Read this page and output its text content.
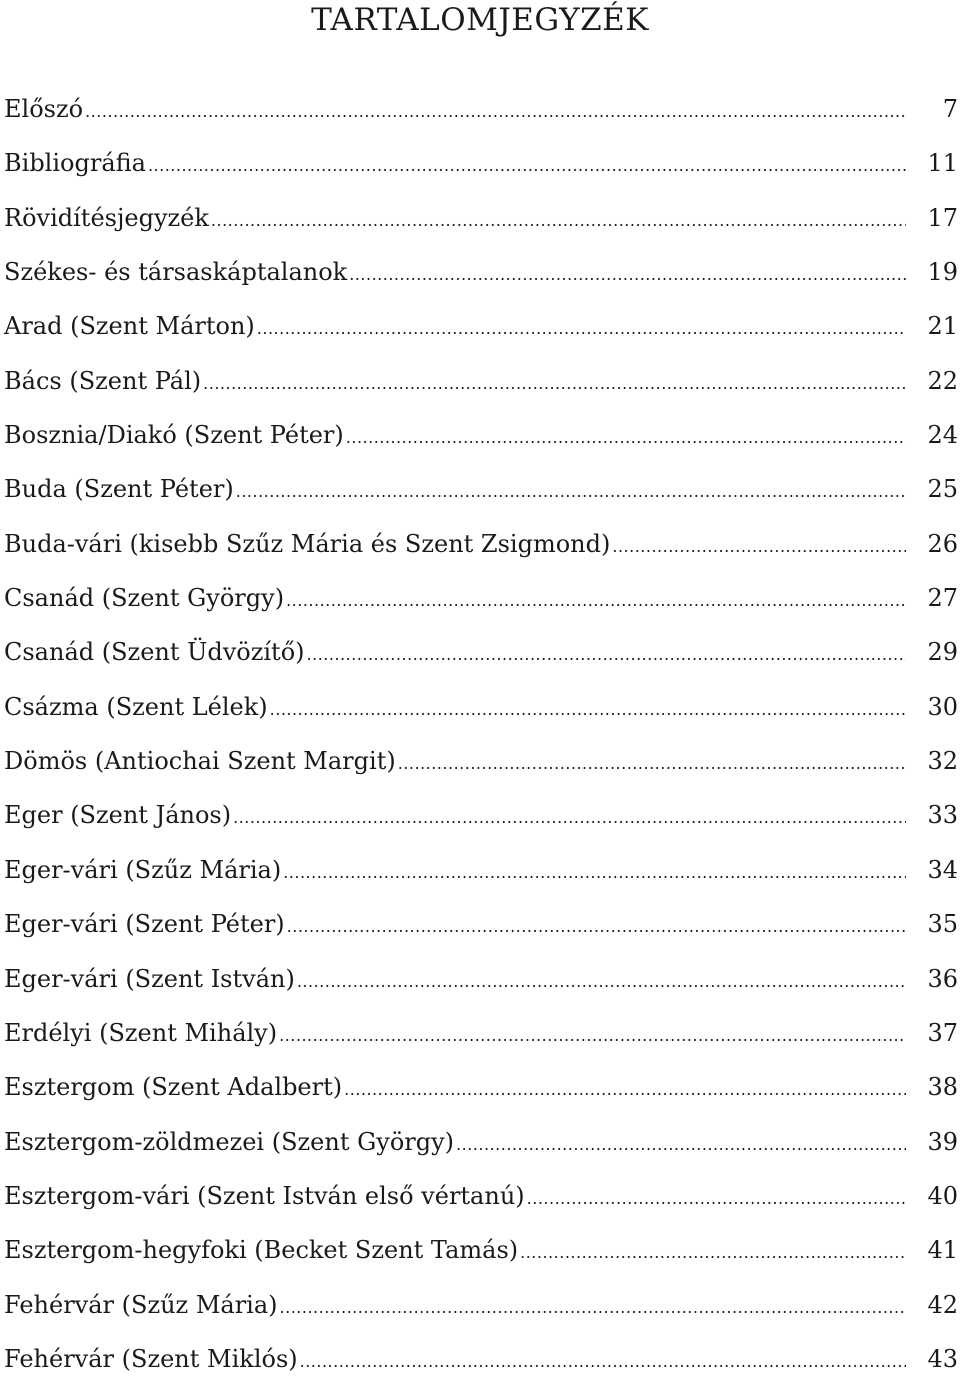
TARTALOMJEGYZÉK
Előszó .....	7
Bibliográfia .....	11
Rövidítésjegyzék .....	17
Székes- és társaskáptalanok .....	19
Arad (Szent Márton) .....	21
Bács (Szent Pál) .....	22
Bosznia/Diakó (Szent Péter) .....	24
Buda (Szent Péter) .....	25
Buda-vári (kisebb Szűz Mária és Szent Zsigmond) .....	26
Csanád (Szent György) .....	27
Csanád (Szent Üdvözítő) .....	29
Csázma (Szent Lélek) .....	30
Dömös (Antiochai Szent Margit) .....	32
Eger (Szent János) .....	33
Eger-vári (Szűz Mária) .....	34
Eger-vári (Szent Péter) .....	35
Eger-vári (Szent István) .....	36
Erdélyi (Szent Mihály) .....	37
Esztergom (Szent Adalbert) .....	38
Esztergom-zöldmezei (Szent György) .....	39
Esztergom-vári (Szent István első vértanú) .....	40
Esztergom-hegyfoki (Becket Szent Tamás) .....	41
Fehérvár (Szűz Mária) .....	42
Fehérvár (Szent Miklós) .....	43
